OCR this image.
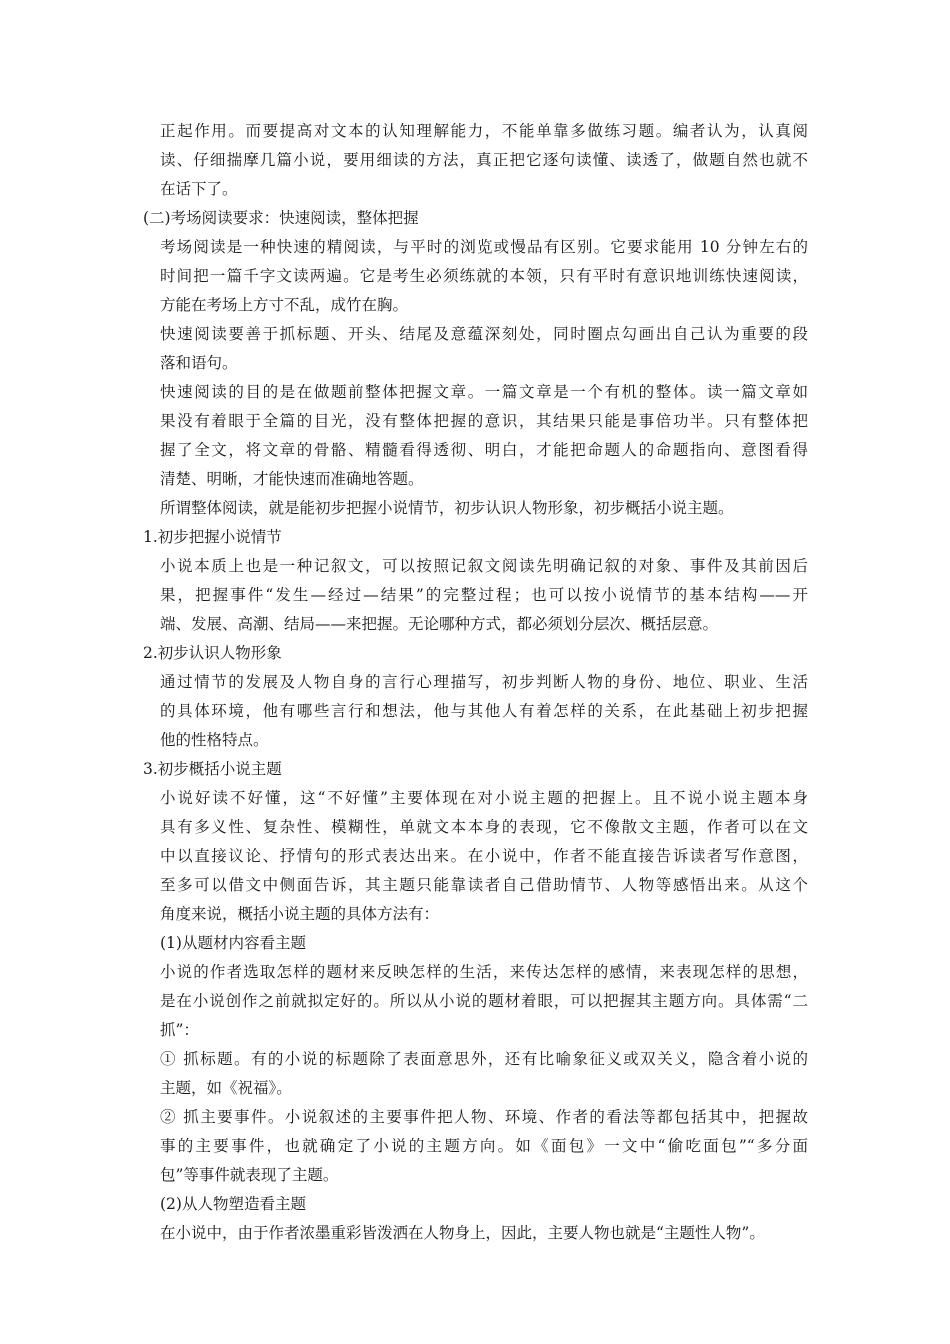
正起作用。而要提高对文本的认知理解能力，不能单靠多做练习题。编者认为，认真阅
读、仔细揣摩几篇小说，要用细读的方法，真正把它逐句读懂、读透了，做题自然也就不
在话下了。
(二)考场阅读要求：快速阅读，整体把握
考场阅读是一种快速的精阅读，与平时的浏览或慢品有区别。它要求能用 10 分钟左右的
时间把一篇千字文读两遍。它是考生必须练就的本领，只有平时有意识地训练快速阅读，
方能在考场上方寸不乱，成竹在胸。
快速阅读要善于抓标题、开头、结尾及意蕴深刻处，同时圈点勾画出自己认为重要的段
落和语句。
快速阅读的目的是在做题前整体把握文章。一篇文章是一个有机的整体。读一篇文章如
果没有着眼于全篇的目光，没有整体把握的意识，其结果只能是事倍功半。只有整体把
握了全文，将文章的骨骼、精髓看得透彻、明白，才能把命题人的命题指向、意图看得
清楚、明晰，才能快速而准确地答题。
所谓整体阅读，就是能初步把握小说情节，初步认识人物形象，初步概括小说主题。
1.初步把握小说情节
小说本质上也是一种记叙文，可以按照记叙文阅读先明确记叙的对象、事件及其前因后
果，把握事件“发生—经过—结果”的完整过程；也可以按小说情节的基本结构——开
端、发展、高潮、结局——来把握。无论哪种方式，都必须划分层次、概括层意。
2.初步认识人物形象
通过情节的发展及人物自身的言行心理描写，初步判断人物的身份、地位、职业、生活
的具体环境，他有哪些言行和想法，他与其他人有着怎样的关系，在此基础上初步把握
他的性格特点。
3.初步概括小说主题
小说好读不好懂，这“不好懂”主要体现在对小说主题的把握上。且不说小说主题本身
具有多义性、复杂性、模糊性，单就文本本身的表现，它不像散文主题，作者可以在文
中以直接议论、抒情句的形式表达出来。在小说中，作者不能直接告诉读者写作意图，
至多可以借文中侧面告诉，其主题只能靠读者自己借助情节、人物等感悟出来。从这个
角度来说，概括小说主题的具体方法有：
(1)从题材内容看主题
小说的作者选取怎样的题材来反映怎样的生活，来传达怎样的感情，来表现怎样的思想，
是在小说创作之前就拟定好的。所以从小说的题材着眼，可以把握其主题方向。具体需“二
抓”：
① 抓标题。有的小说的标题除了表面意思外，还有比喻象征义或双关义，隐含着小说的
主题，如《祝福》。
② 抓主要事件。小说叙述的主要事件把人物、环境、作者的看法等都包括其中，把握故
事的主要事件，也就确定了小说的主题方向。如《面包》一文中“偷吃面包”“多分面
包”等事件就表现了主题。
(2)从人物塑造看主题
在小说中，由于作者浓墨重彩皆泼洒在人物身上，因此，主要人物也就是“主题性人物”。
